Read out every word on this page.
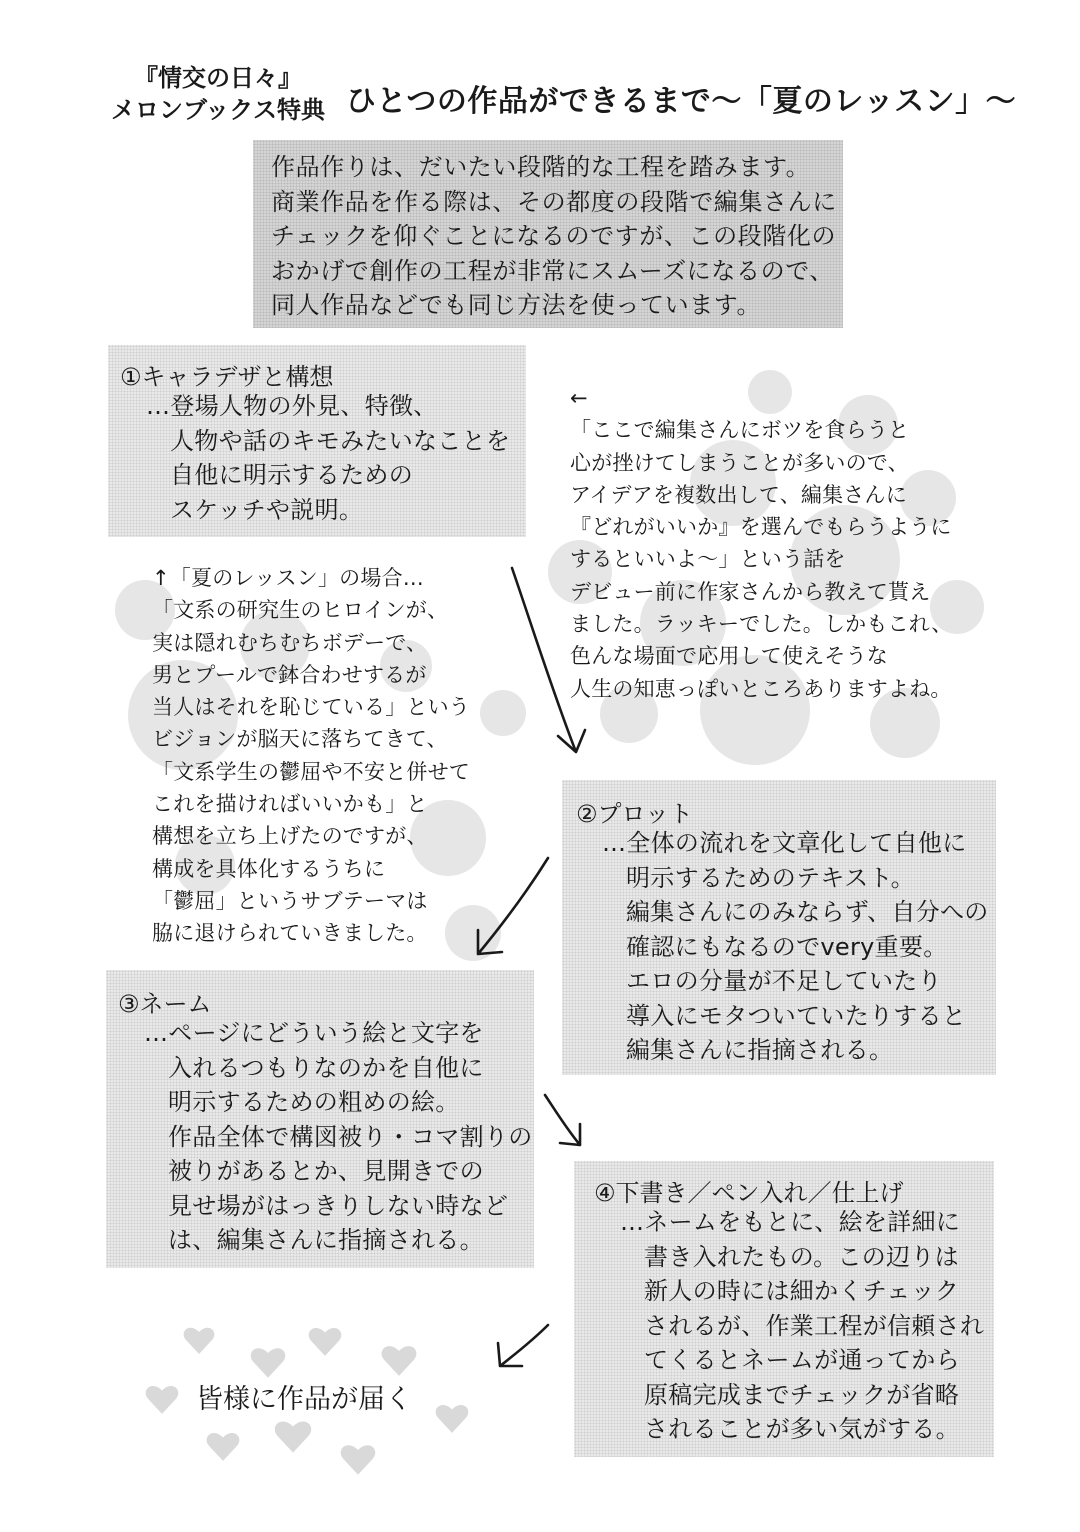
『情交の日々』
メロンブックス特典 ひとつの作品ができるまで〜「夏のレッスン」〜
作品作りは、だいたい段階的な工程を踏みます。
商業作品を作る際は、その都度の段階で編集さんに
チェックを仰ぐことになるのですが、この段階化の
おかげで創作の工程が非常にスムーズになるので、
同人作品などでも同じ方法を使っています。
①キャラデザと構想
…登場人物の外見、特徴、
人物や話のキモみたいなことを
自他に明示するための
スケッチや説明。
←
「ここで編集さんにボツを食らうと
心が挫けてしまうことが多いので、
アイデアを複数出して、編集さんに
『どれがいいか』を選んでもらうように
するといいよ〜」という話を
デビュー前に作家さんから教えて貰え
ました。ラッキーでした。しかもこれ、
色んな場面で応用して使えそうな
人生の知恵っぽいところありますよね。
↑「夏のレッスン」の場合…
「文系の研究生のヒロインが、
実は隠れむちむちボデーで、
男とプールで鉢合わせするが
当人はそれを恥じている」という
ビジョンが脳天に落ちてきて、
「文系学生の鬱屈や不安と併せて
これを描ければいいかも」と
構想を立ち上げたのですが、
構成を具体化するうちに
「鬱屈」というサブテーマは
脇に退けられていきました。
②プロット
…全体の流れを文章化して自他に
明示するためのテキスト。
編集さんにのみならず、自分への
確認にもなるのでvery重要。
エロの分量が不足していたり
導入にモタついていたりすると
編集さんに指摘される。
③ネーム
…ページにどういう絵と文字を
入れるつもりなのかを自他に
明示するための粗めの絵。
作品全体で構図被り・コマ割りの
被りがあるとか、見開きでの
見せ場がはっきりしない時など
は、編集さんに指摘される。
④下書き／ペン入れ／仕上げ
…ネームをもとに、絵を詳細に
書き入れたもの。この辺りは
新人の時には細かくチェック
されるが、作業工程が信頼され
てくるとネームが通ってから
原稿完成までチェックが省略
されることが多い気がする。
皆様に作品が届く
